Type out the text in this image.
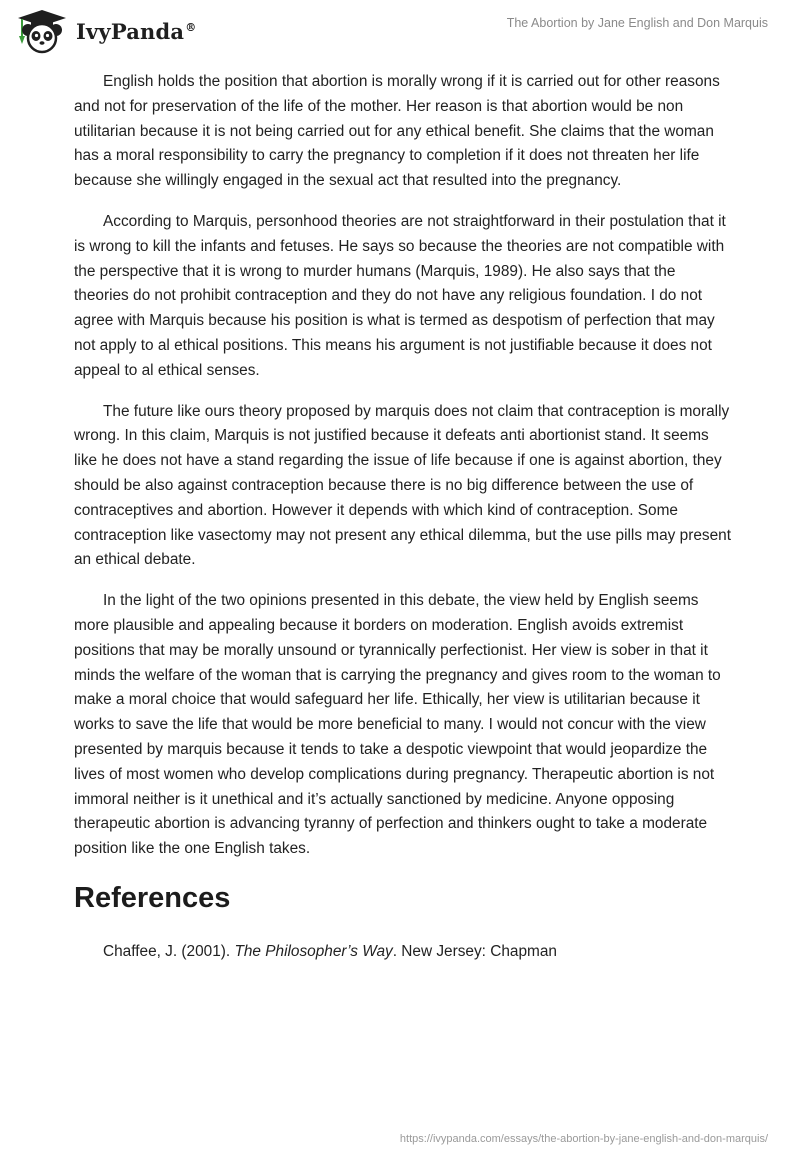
IvyPanda®	The Abortion by Jane English and Don Marquis

English holds the position that abortion is morally wrong if it is carried out for other reasons and not for preservation of the life of the mother. Her reason is that abortion would be non utilitarian because it is not being carried out for any ethical benefit. She claims that the woman has a moral responsibility to carry the pregnancy to completion if it does not threaten her life because she willingly engaged in the sexual act that resulted into the pregnancy.

According to Marquis, personhood theories are not straightforward in their postulation that it is wrong to kill the infants and fetuses. He says so because the theories are not compatible with the perspective that it is wrong to murder humans (Marquis, 1989). He also says that the theories do not prohibit contraception and they do not have any religious foundation. I do not agree with Marquis because his position is what is termed as despotism of perfection that may not apply to al ethical positions. This means his argument is not justifiable because it does not appeal to al ethical senses.

The future like ours theory proposed by marquis does not claim that contraception is morally wrong. In this claim, Marquis is not justified because it defeats anti abortionist stand. It seems like he does not have a stand regarding the issue of life because if one is against abortion, they should be also against contraception because there is no big difference between the use of contraceptives and abortion. However it depends with which kind of contraception. Some contraception like vasectomy may not present any ethical dilemma, but the use pills may present an ethical debate.

In the light of the two opinions presented in this debate, the view held by English seems more plausible and appealing because it borders on moderation. English avoids extremist positions that may be morally unsound or tyrannically perfectionist. Her view is sober in that it minds the welfare of the woman that is carrying the pregnancy and gives room to the woman to make a moral choice that would safeguard her life. Ethically, her view is utilitarian because it works to save the life that would be more beneficial to many. I would not concur with the view presented by marquis because it tends to take a despotic viewpoint that would jeopardize the lives of most women who develop complications during pregnancy. Therapeutic abortion is not immoral neither is it unethical and it’s actually sanctioned by medicine. Anyone opposing therapeutic abortion is advancing tyranny of perfection and thinkers ought to take a moderate position like the one English takes.

References

Chaffee, J. (2001). The Philosopher’s Way. New Jersey: Chapman

https://ivypanda.com/essays/the-abortion-by-jane-english-and-don-marquis/
